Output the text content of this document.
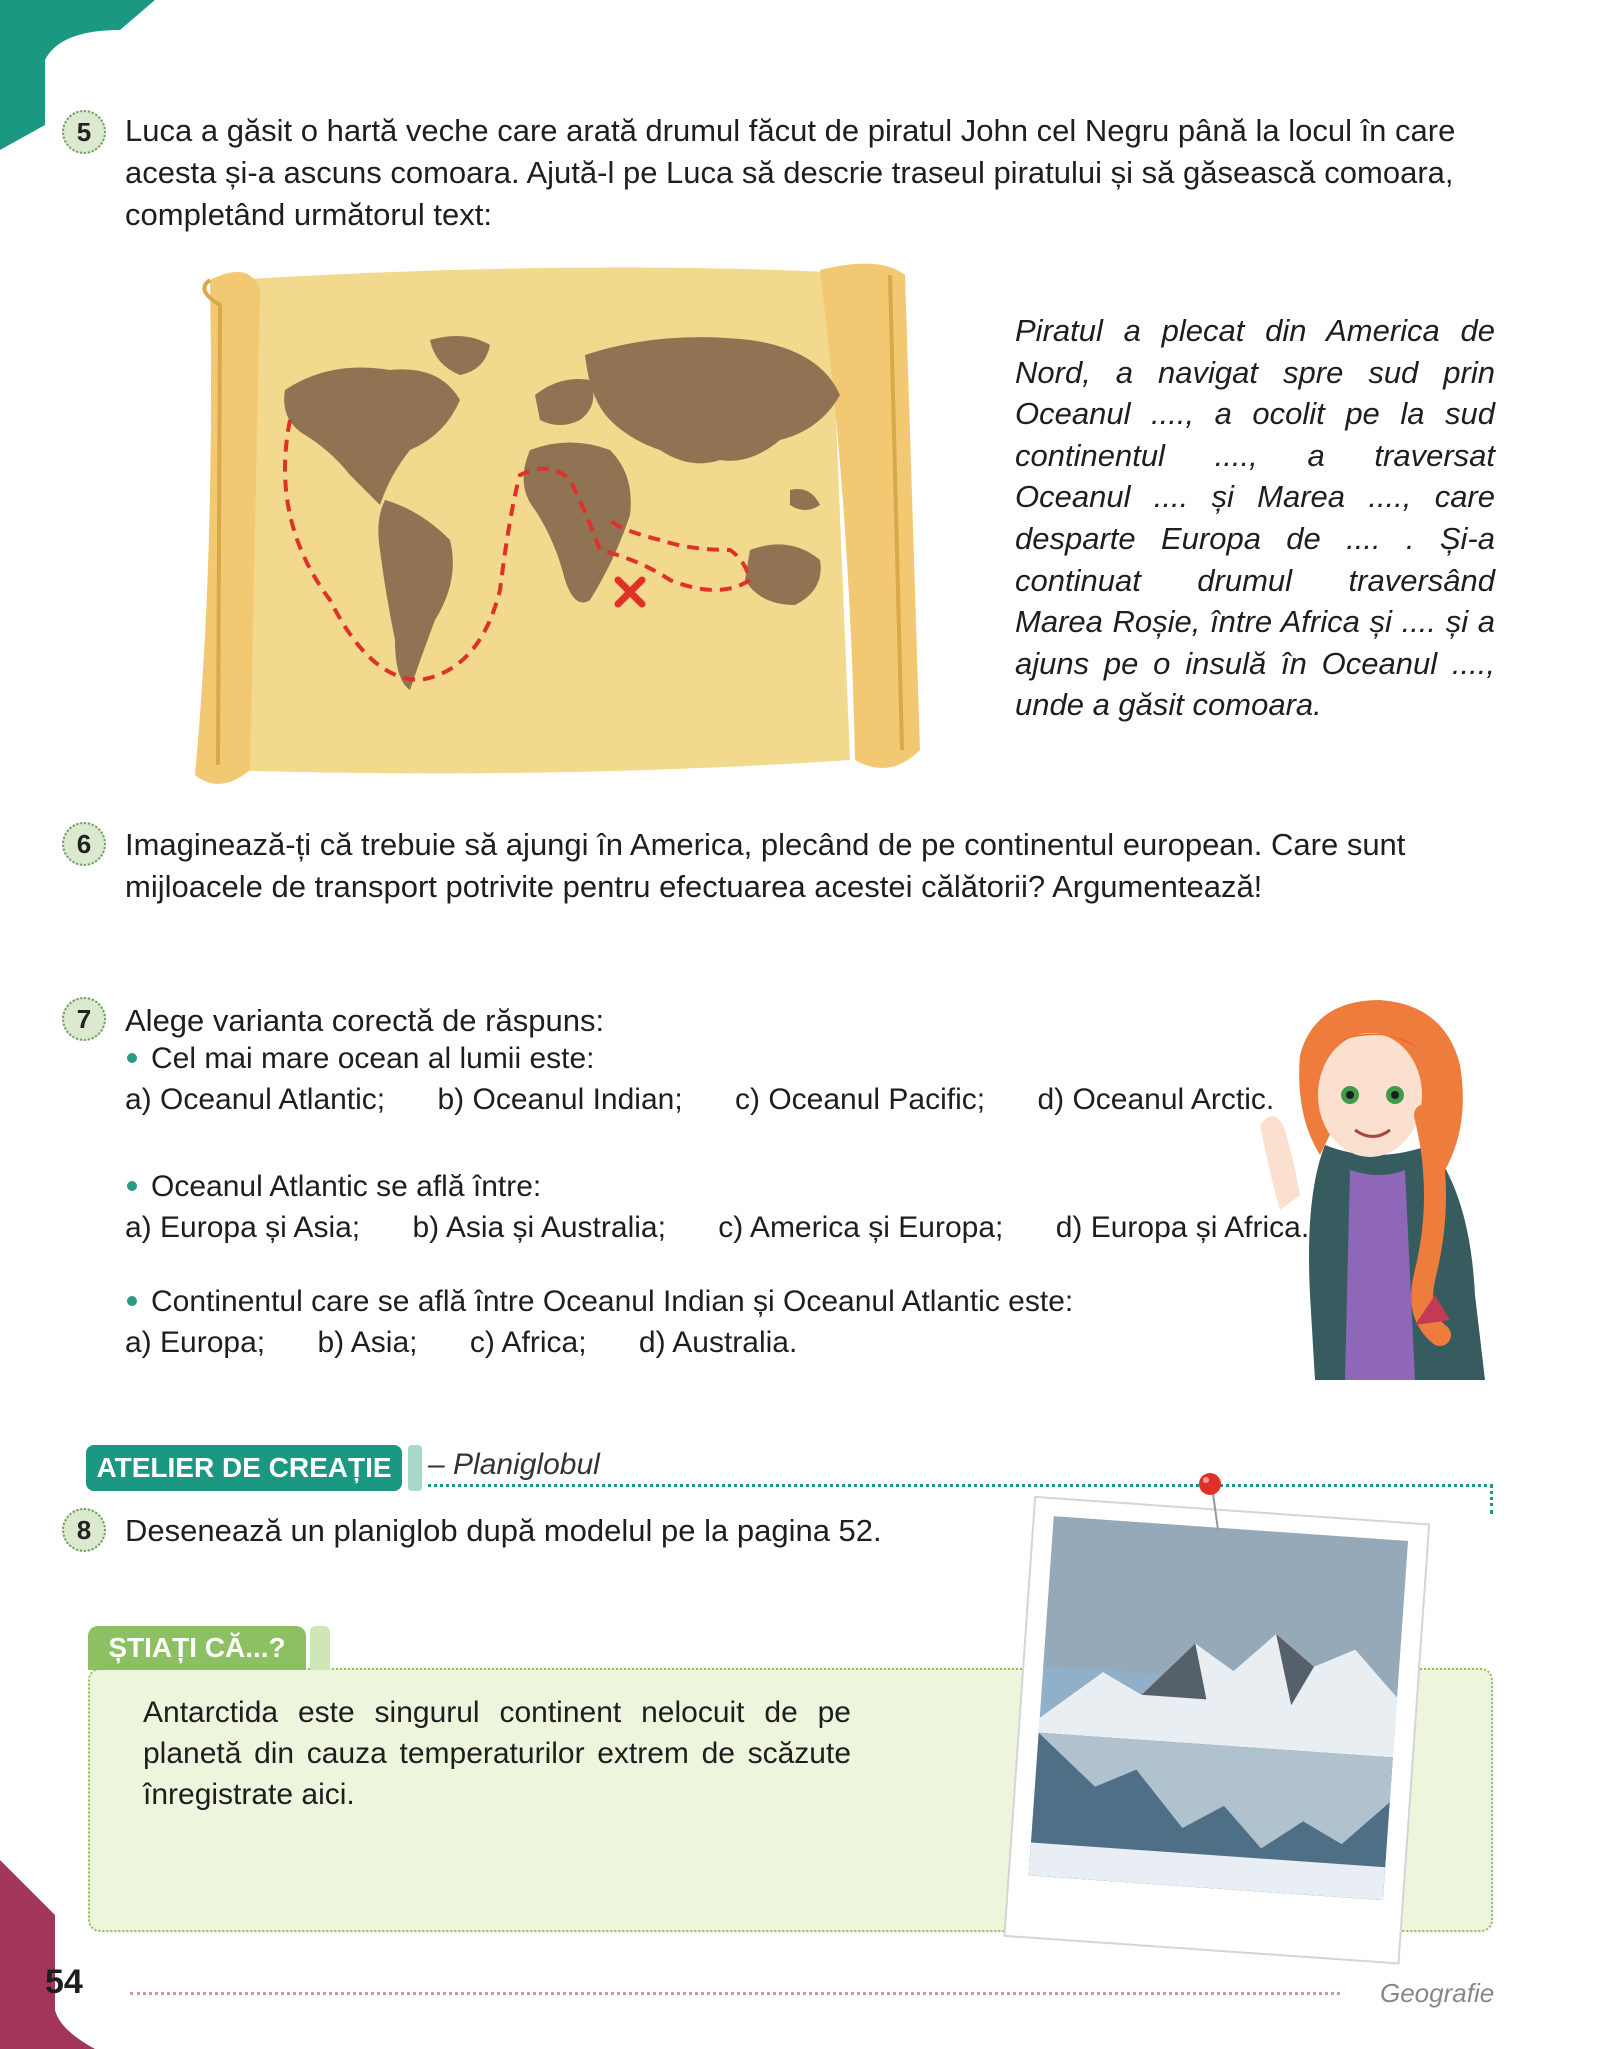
5	Luca a găsit o hartă veche care arată drumul făcut de piratul John cel Negru până la locul în care acesta și-a ascuns comoara. Ajută-l pe Luca să descrie traseul piratului și să găsească comoara, completând următorul text:
Piratul a plecat din America de Nord, a navigat spre sud prin Oceanul ...., a ocolit pe la sud continentul ...., a traversat Oceanul .... și Marea ...., care desparte Europa de .... . Și-a continuat drumul traversând Marea Roșie, între Africa și .... și a ajuns pe o insulă în Oceanul ...., unde a găsit comoara.
6	Imaginează-ți că trebuie să ajungi în America, plecând de pe continentul european. Care sunt mijloacele de transport potrivite pentru efectuarea acestei călătorii? Argumentează!
7	Alege varianta corectă de răspuns:
Cel mai mare ocean al lumii este:
a) Oceanul Atlantic; b) Oceanul Indian; c) Oceanul Pacific; d) Oceanul Arctic.
Oceanul Atlantic se află între:
a) Europa și Asia; b) Asia și Australia; c) America și Europa; d) Europa și Africa.
Continentul care se află între Oceanul Indian și Oceanul Atlantic este:
a) Europa; b) Asia; c) Africa; d) Australia.
ATELIER DE CREAȚIE	– Planiglobul
8	Desenează un planiglob după modelul pe la pagina 52.
ȘTIAȚI CĂ...?
Antarctida este singurul continent nelocuit de pe planetă din cauza temperaturilor extrem de scăzute înregistrate aici.
54	Geografie
